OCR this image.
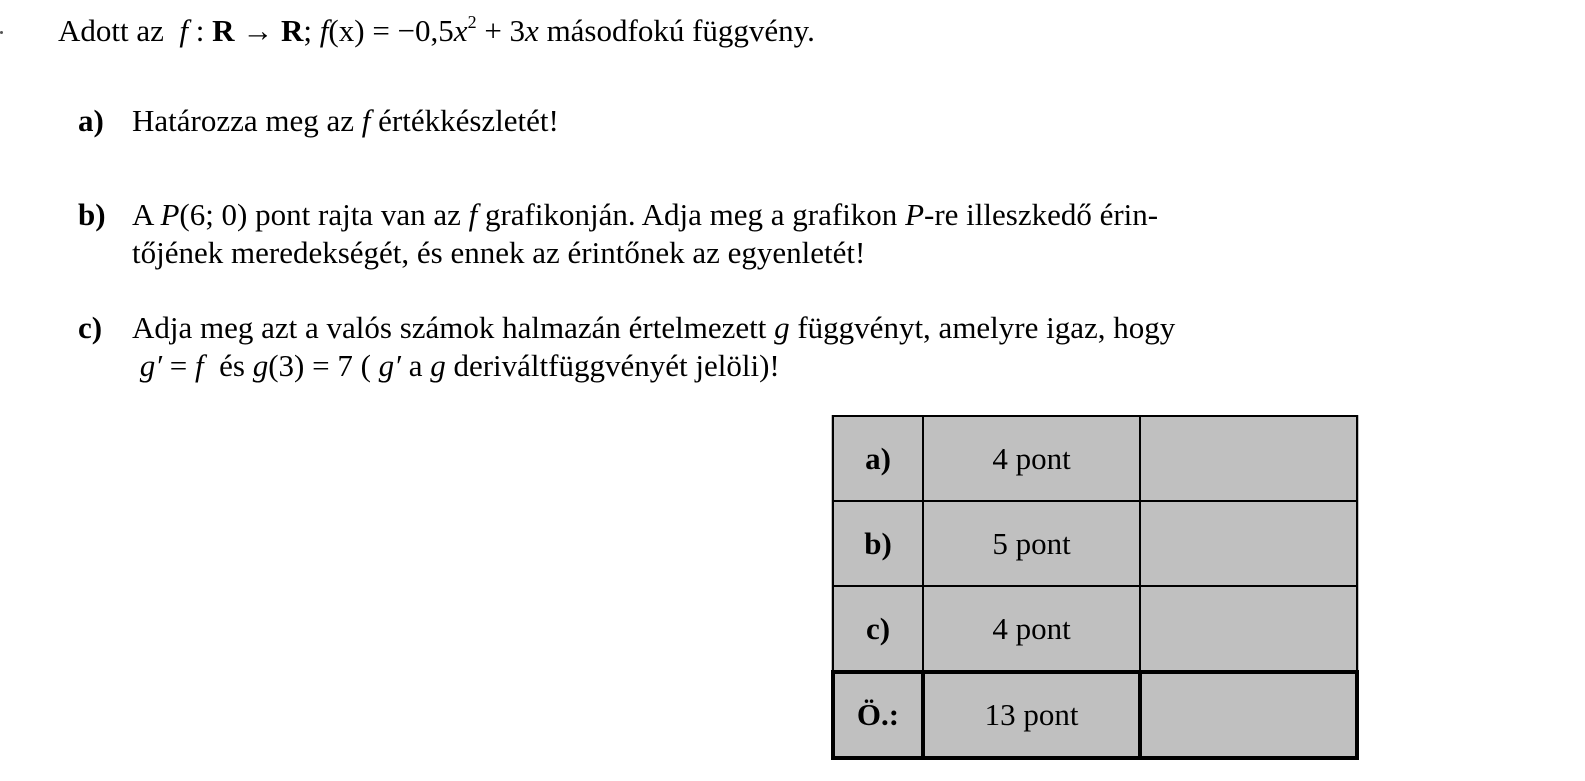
Adott az f : R → R; $f(x) = -0,5x^2 + 3x$ másodfokú függvény.
a) Határozza meg az f értékkészletét!
b) A P(6; 0) pont rajta van az f grafikonján. Adja meg a grafikon P-re illeszkedő érin-
tőjének meredekségét, és ennek az érintőnek az egyenletét!
c) Adja meg azt a valós számok halmazán értelmezett g függvényt, amelyre igaz, hogy
g′ = f  és g(3) = 7 ( g′ a g deriváltfüggvényét jelöli)!
a)	4 pont	
b)	5 pont	
c)	4 pont	
Ö.:	13 pont	
